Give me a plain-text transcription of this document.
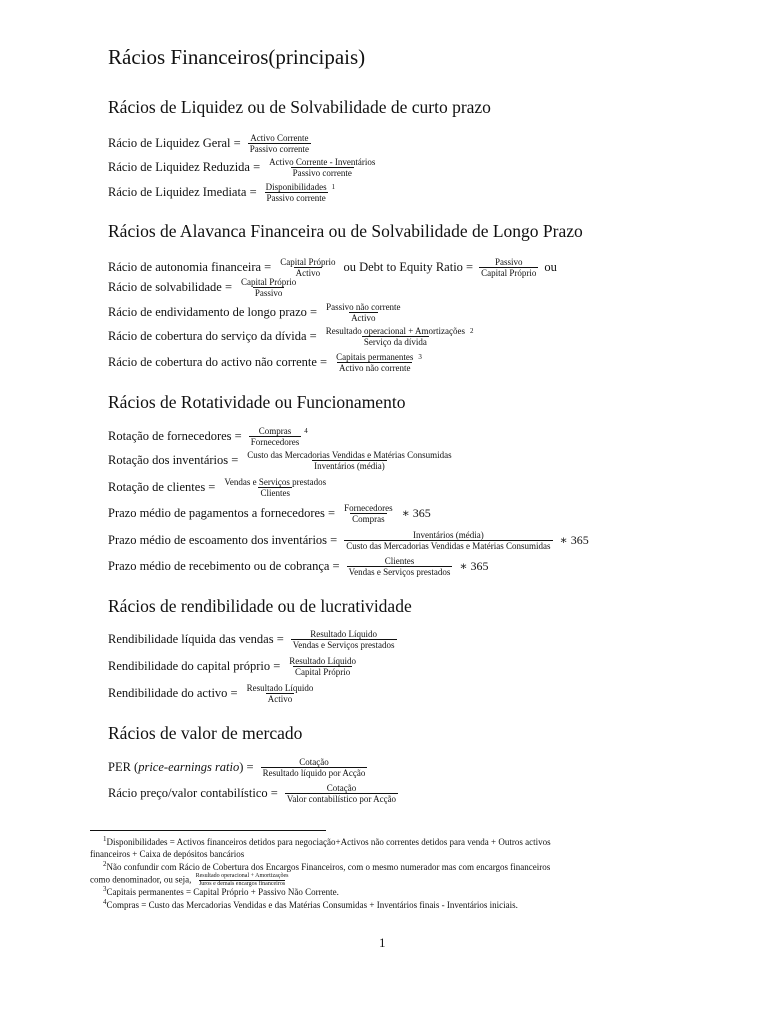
Rácios Financeiros(principais)
Rácios de Liquidez ou de Solvabilidade de curto prazo
Rácio de Liquidez Geral = $\frac{\text{Activo Corrente}}{\text{Passivo corrente}}$
Rácio de Liquidez Reduzida = $\frac{\text{Activo Corrente - Inventários}}{\text{Passivo corrente}}$
Rácio de Liquidez Imediata = $\frac{\text{Disponibilidades}}{\text{Passivo corrente}} 1$
Rácios de Alavanca Financeira ou de Solvabilidade de Longo Prazo
Rácio de autonomia financeira = $\frac{\text{Capital Próprio}}{\text{Activo}}$ ou Debt to Equity Ratio = $\frac{\text{Passivo}}{\text{Capital Próprio}}$ ou
Rácio de solvabilidade = $\frac{\text{Capital Próprio}}{\text{Passivo}}$
Rácio de endividamento de longo prazo = $\frac{\text{Passivo não corrente}}{\text{Activo}}$
Rácio de cobertura do serviço da dívida = $\frac{\text{Resultado operacional + Amortizações}}{\text{Serviço da dívida}} 2$
Rácio de cobertura do activo não corrente = $\frac{\text{Capitais permanentes}}{\text{Activo não corrente}} 3$
Rácios de Rotatividade ou Funcionamento
Rotação de fornecedores = $\frac{\text{Compras}}{\text{Fornecedores}} 4$
Rotação dos inventários = $\frac{\text{Custo das Mercadorias Vendidas e Matérias Consumidas}}{\text{Inventários (média)}}$
Rotação de clientes = $\frac{\text{Vendas e Serviços prestados}}{\text{Clientes}}$
Prazo médio de pagamentos a fornecedores = $\frac{\text{Fornecedores}}{\text{Compras}}$ ∗ 365
Prazo médio de escoamento dos inventários = $\frac{\text{Inventários (média)}}{\text{Custo das Mercadorias Vendidas e Matérias Consumidas}}$ ∗ 365
Prazo médio de recebimento ou de cobrança = $\frac{\text{Clientes}}{\text{Vendas e Serviços prestados}}$ ∗ 365
Rácios de rendibilidade ou de lucratividade
Rendibilidade líquida das vendas = $\frac{\text{Resultado Líquido}}{\text{Vendas e Serviços prestados}}$
Rendibilidade do capital próprio = $\frac{\text{Resultado Líquido}}{\text{Capital Próprio}}$
Rendibilidade do activo = $\frac{\text{Resultado Líquido}}{\text{Activo}}$
Rácios de valor de mercado
PER ( price-earnings ratio ) = $\frac{\text{Cotação}}{\text{Resultado líquido por Acção}}$
Rácio preço/valor contabilístico = $\frac{\text{Cotação}}{\text{Valor contabilístico por Acção}}$
$^1$Disponibilidades = Activos financeiros detidos para negociação+Activos não correntes detidos para venda + Outros activos
financeiros + Caixa de depósitos bancários
$^2$Não confundir com Rácio de Cobertura dos Encargos Financeiros, com o mesmo numerador mas com encargos financeiros
como denominador, ou seja, $\frac{\text{Resultado operacional + Amortizações}}{\text{Juros e demais encargos financeiros}}$
$^3$Capitais permanentes = Capital Próprio + Passivo Não Corrente.
$^4$Compras = Custo das Mercadorias Vendidas e das Matérias Consumidas + Inventários finais - Inventários iniciais.
1
